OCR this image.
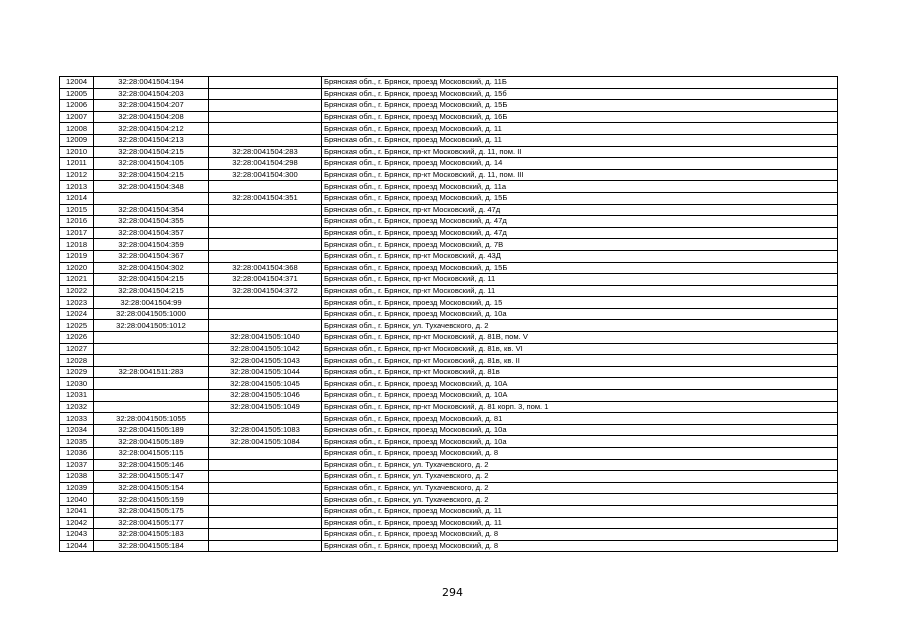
12004	32:28:0041504:194		Брянская обл., г. Брянск, проезд Московский, д. 11Б
12005	32:28:0041504:203		Брянская обл., г. Брянск, проезд Московский, д. 15б
12006	32:28:0041504:207		Брянская обл., г. Брянск, проезд Московский, д. 15Б
12007	32:28:0041504:208		Брянская обл., г. Брянск, проезд Московский, д. 16Б
12008	32:28:0041504:212		Брянская обл., г. Брянск, проезд Московский, д. 11
12009	32:28:0041504:213		Брянская обл., г. Брянск, проезд Московский, д. 11
12010	32:28:0041504:215	32:28:0041504:283	Брянская обл., г. Брянск, пр-кт Московский, д. 11, пом. II
12011	32:28:0041504:105	32:28:0041504:298	Брянская обл., г. Брянск, проезд Московский, д. 14
12012	32:28:0041504:215	32:28:0041504:300	Брянская обл., г. Брянск, пр-кт Московский, д. 11, пом. III
12013	32:28:0041504:348		Брянская обл., г. Брянск, проезд Московский, д. 11а
12014		32:28:0041504:351	Брянская обл., г. Брянск, проезд Московский, д. 15Б
12015	32:28:0041504:354		Брянская обл., г. Брянск, пр-кт Московский, д. 47д
12016	32:28:0041504:355		Брянская обл., г. Брянск, проезд Московский, д. 47д
12017	32:28:0041504:357		Брянская обл., г. Брянск, проезд Московский, д. 47д
12018	32:28:0041504:359		Брянская обл., г. Брянск, проезд Московский, д. 7В
12019	32:28:0041504:367		Брянская обл., г. Брянск, пр-кт Московский, д. 43Д
12020	32:28:0041504:302	32:28:0041504:368	Брянская обл., г. Брянск, проезд Московский, д. 15Б
12021	32:28:0041504:215	32:28:0041504:371	Брянская обл., г. Брянск, пр-кт Московский, д. 11
12022	32:28:0041504:215	32:28:0041504:372	Брянская обл., г. Брянск, пр-кт Московский, д. 11
12023	32:28:0041504:99		Брянская обл., г. Брянск, проезд Московский, д. 15
12024	32:28:0041505:1000		Брянская обл., г. Брянск, проезд Московский, д. 10а
12025	32:28:0041505:1012		Брянская обл., г. Брянск, ул. Тухачевского, д. 2
12026		32:28:0041505:1040	Брянская обл., г. Брянск, пр-кт Московский, д. 81В, пом. V
12027		32:28:0041505:1042	Брянская обл., г. Брянск, пр-кт Московский, д. 81в, кв. VI
12028		32:28:0041505:1043	Брянская обл., г. Брянск, пр-кт Московский, д. 81в, кв. II
12029	32:28:0041511:283	32:28:0041505:1044	Брянская обл., г. Брянск, пр-кт Московский, д. 81в
12030		32:28:0041505:1045	Брянская обл., г. Брянск, проезд Московский, д. 10А
12031		32:28:0041505:1046	Брянская обл., г. Брянск, проезд Московский, д. 10А
12032		32:28:0041505:1049	Брянская обл., г. Брянск, пр-кт Московский, д. 81 корп. 3, пом. 1
12033	32:28:0041505:1055		Брянская обл., г. Брянск, проезд Московский, д. 81
12034	32:28:0041505:189	32:28:0041505:1083	Брянская обл., г. Брянск, проезд Московский, д. 10а
12035	32:28:0041505:189	32:28:0041505:1084	Брянская обл., г. Брянск, проезд Московский, д. 10а
12036	32:28:0041505:115		Брянская обл., г. Брянск, проезд Московский, д. 8
12037	32:28:0041505:146		Брянская обл., г. Брянск, ул. Тухачевского, д. 2
12038	32:28:0041505:147		Брянская обл., г. Брянск, ул. Тухачевского, д. 2
12039	32:28:0041505:154		Брянская обл., г. Брянск, ул. Тухачевского, д. 2
12040	32:28:0041505:159		Брянская обл., г. Брянск, ул. Тухачевского, д. 2
12041	32:28:0041505:175		Брянская обл., г. Брянск, проезд Московский, д. 11
12042	32:28:0041505:177		Брянская обл., г. Брянск, проезд Московский, д. 11
12043	32:28:0041505:183		Брянская обл., г. Брянск, проезд Московский, д. 8
12044	32:28:0041505:184		Брянская обл., г. Брянск, проезд Московский, д. 8
294
